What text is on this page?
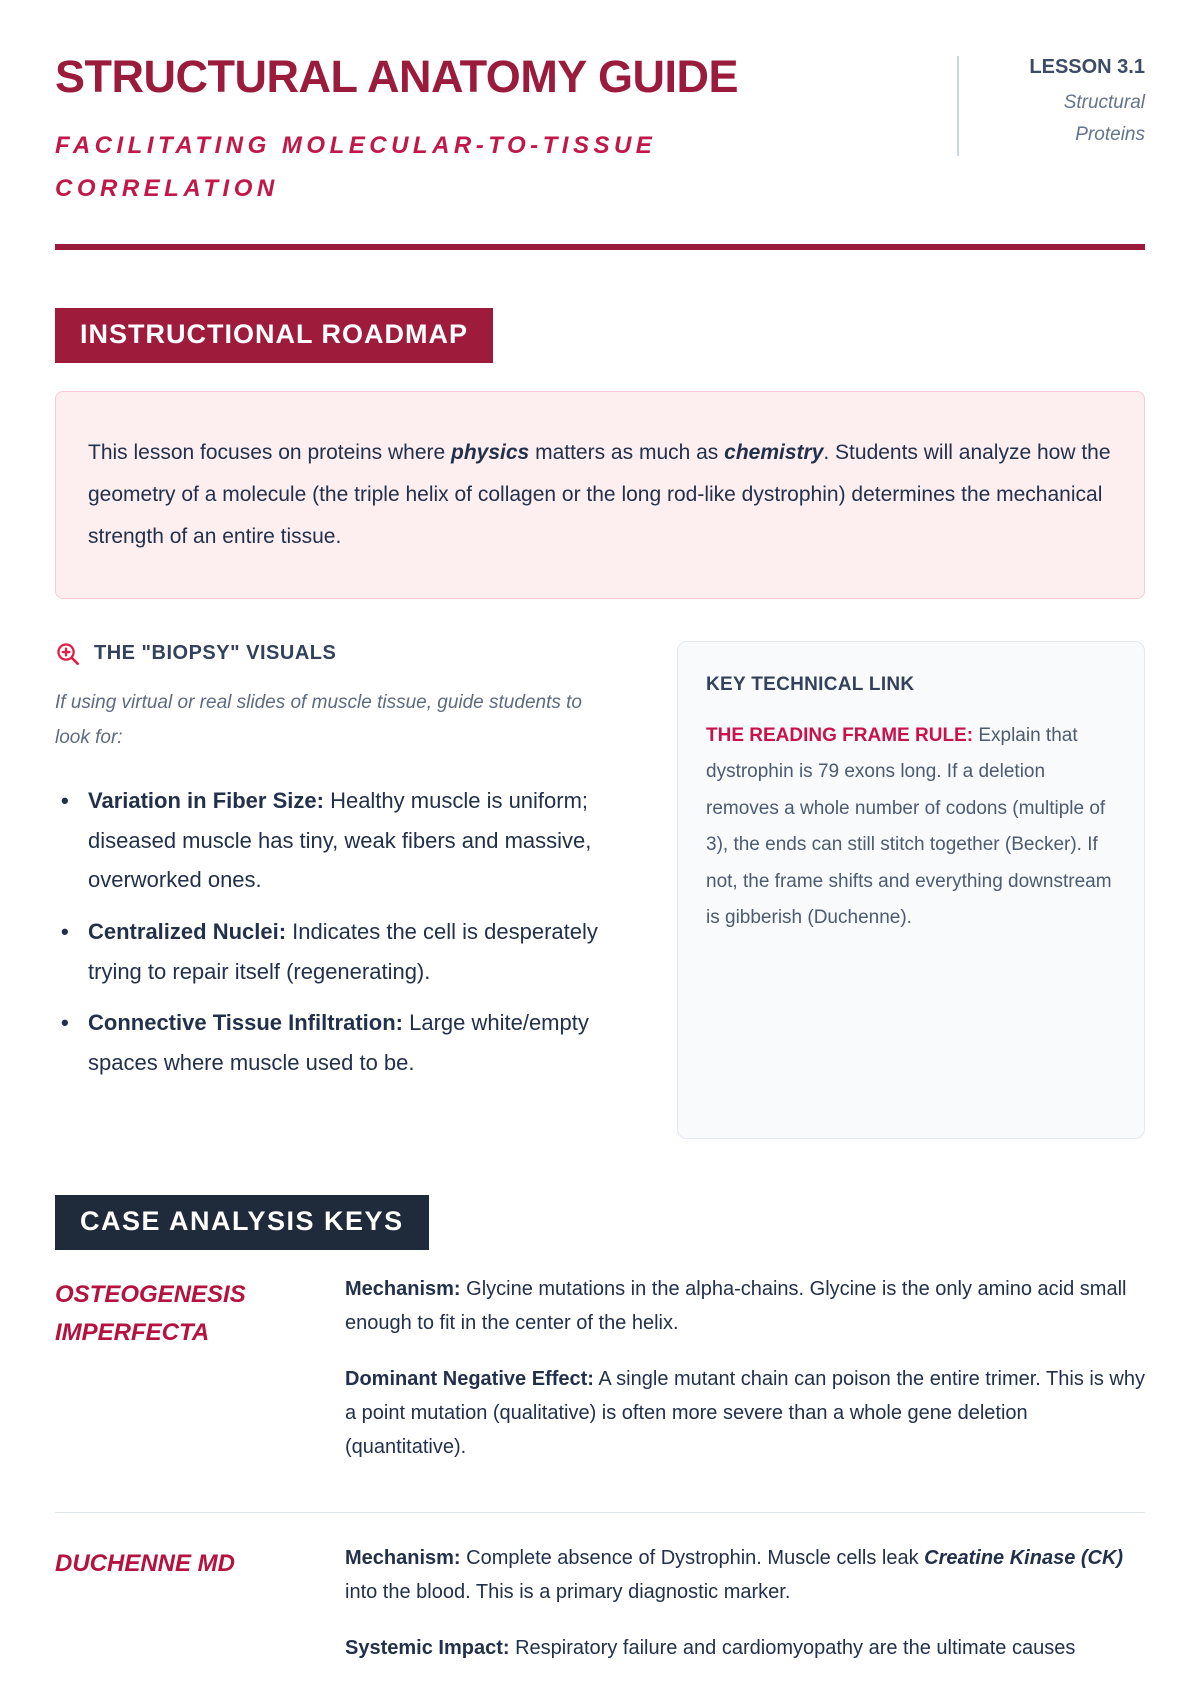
STRUCTURAL ANATOMY GUIDE
FACILITATING MOLECULAR-TO-TISSUE
CORRELATION
LESSON 3.1
Structural
Proteins
INSTRUCTIONAL ROADMAP
This lesson focuses on proteins where physics matters as much as chemistry. Students will analyze how the geometry of a molecule (the triple helix of collagen or the long rod-like dystrophin) determines the mechanical strength of an entire tissue.
THE "BIOPSY" VISUALS
If using virtual or real slides of muscle tissue, guide students to look for:
• Variation in Fiber Size: Healthy muscle is uniform; diseased muscle has tiny, weak fibers and massive, overworked ones.
• Centralized Nuclei: Indicates the cell is desperately trying to repair itself (regenerating).
• Connective Tissue Infiltration: Large white/empty spaces where muscle used to be.
KEY TECHNICAL LINK

THE READING FRAME RULE: Explain that dystrophin is 79 exons long. If a deletion removes a whole number of codons (multiple of 3), the ends can still stitch together (Becker). If not, the frame shifts and everything downstream is gibberish (Duchenne).

CASE ANALYSIS KEYS
OSTEOGENESIS
IMPERFECTA

Mechanism: Glycine mutations in the alpha-chains. Glycine is the only amino acid small enough to fit in the center of the helix.

Dominant Negative Effect: A single mutant chain can poison the entire trimer. This is why a point mutation (qualitative) is often more severe than a whole gene deletion (quantitative).

DUCHENNE MD	Mechanism: Complete absence of Dystrophin. Muscle cells leak Creatine Kinase (CK) into the blood. This is a primary diagnostic marker.

Systemic Impact: Respiratory failure and cardiomyopathy are the ultimate causes
